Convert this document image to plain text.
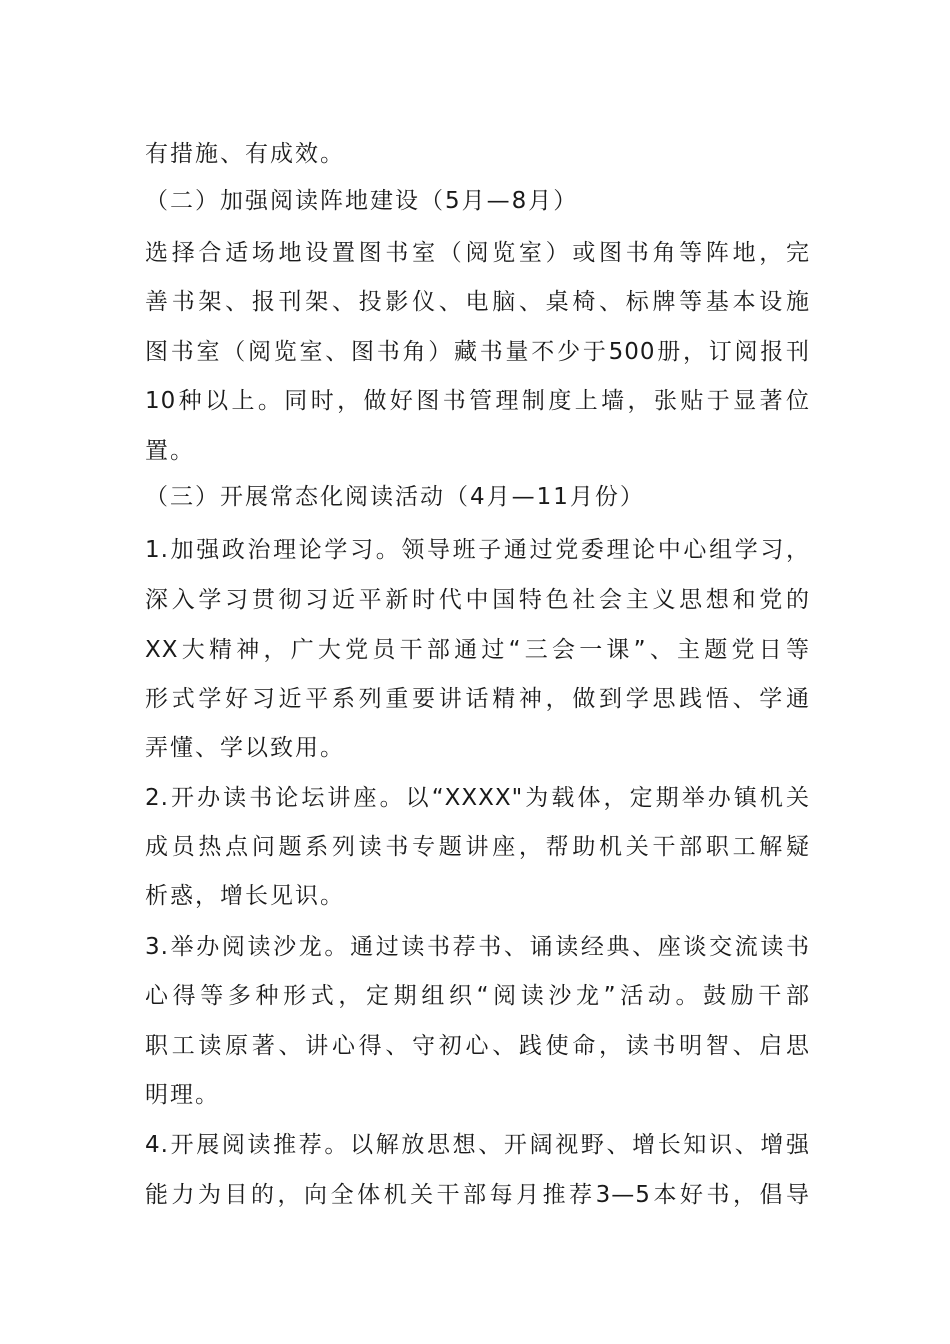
有措施、有成效。
（二）加强阅读阵地建设（5月—8月）
选择合适场地设置图书室（阅览室）或图书角等阵地，完
善书架、报刊架、投影仪、电脑、桌椅、标牌等基本设施
图书室（阅览室、图书角）藏书量不少于500册，订阅报刊
10种以上。同时，做好图书管理制度上墙，张贴于显著位
置。
（三）开展常态化阅读活动（4月—11月份）
1.加强政治理论学习。领导班子通过党委理论中心组学习，
深入学习贯彻习近平新时代中国特色社会主义思想和党的
XX大精神，广大党员干部通过“三会一课”、主题党日等
形式学好习近平系列重要讲话精神，做到学思践悟、学通
弄懂、学以致用。
2.开办读书论坛讲座。以“XXXX"为载体，定期举办镇机关
成员热点问题系列读书专题讲座，帮助机关干部职工解疑
析惑，增长见识。
3.举办阅读沙龙。通过读书荐书、诵读经典、座谈交流读书
心得等多种形式，定期组织“阅读沙龙”活动。鼓励干部
职工读原著、讲心得、守初心、践使命，读书明智、启思
明理。
4.开展阅读推荐。以解放思想、开阔视野、增长知识、增强
能力为目的，向全体机关干部每月推荐3—5本好书，倡导
